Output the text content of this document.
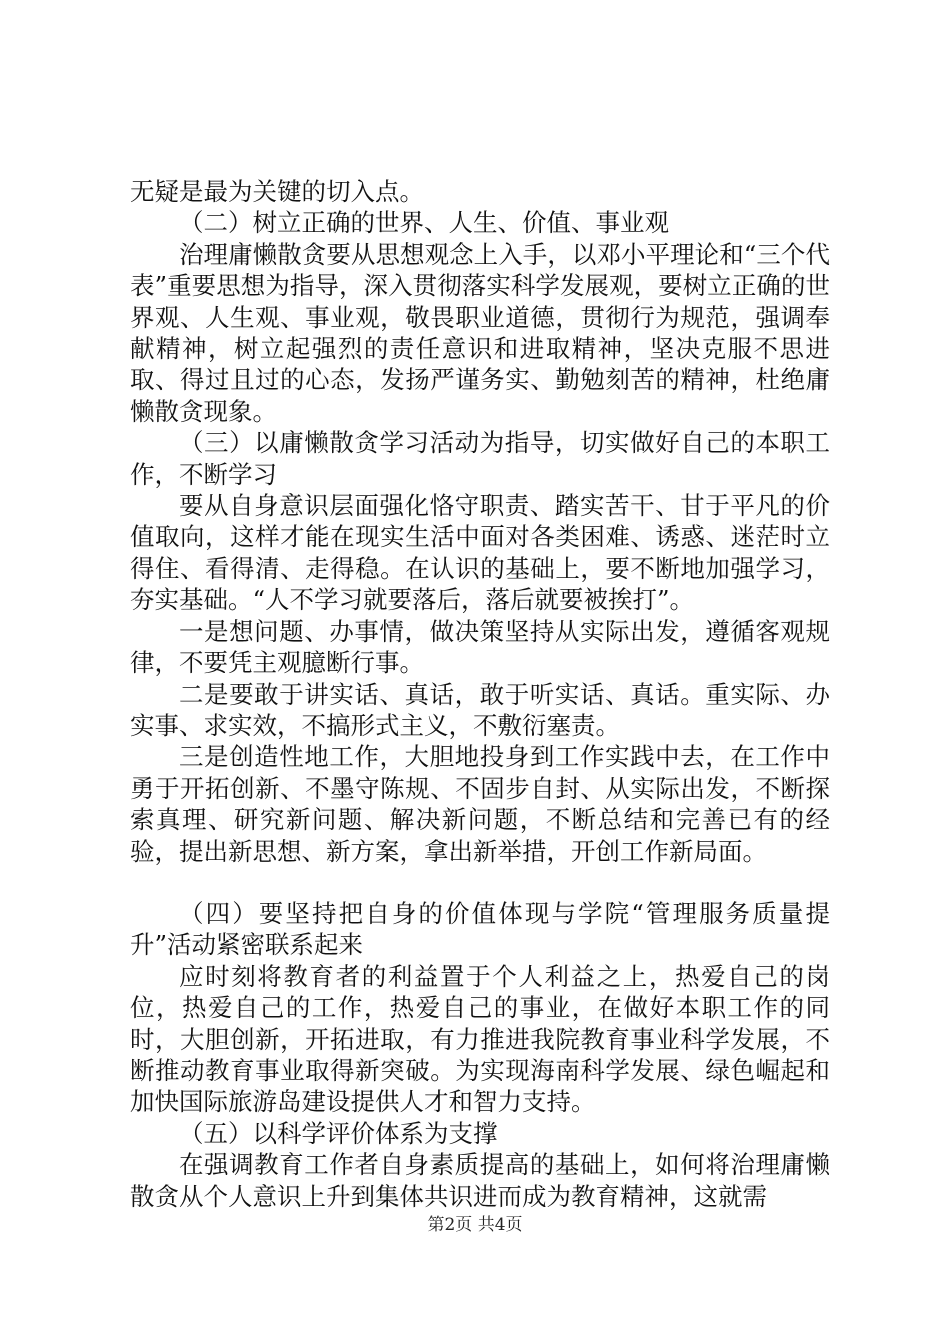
无疑是最为关键的切入点。

（二）树立正确的世界、人生、价值、事业观

治理庸懒散贪要从思想观念上入手，以邓小平理论和“三个代表”重要思想为指导，深入贯彻落实科学发展观，要树立正确的世界观、人生观、事业观，敬畏职业道德，贯彻行为规范，强调奉献精神，树立起强烈的责任意识和进取精神，坚决克服不思进取、得过且过的心态，发扬严谨务实、勤勉刻苦的精神，杜绝庸懒散贪现象。

（三）以庸懒散贪学习活动为指导，切实做好自己的本职工作，不断学习

要从自身意识层面强化恪守职责、踏实苦干、甘于平凡的价值取向，这样才能在现实生活中面对各类困难、诱惑、迷茫时立得住、看得清、走得稳。在认识的基础上，要不断地加强学习，夯实基础。“人不学习就要落后，落后就要被挨打”。

一是想问题、办事情，做决策坚持从实际出发，遵循客观规律，不要凭主观臆断行事。

二是要敢于讲实话、真话，敢于听实话、真话。重实际、办实事、求实效，不搞形式主义，不敷衍塞责。

三是创造性地工作，大胆地投身到工作实践中去，在工作中勇于开拓创新、不墨守陈规、不固步自封、从实际出发，不断探索真理、研究新问题、解决新问题，不断总结和完善已有的经验，提出新思想、新方案，拿出新举措，开创工作新局面。

（四）要坚持把自身的价值体现与学院“管理服务质量提升”活动紧密联系起来

应时刻将教育者的利益置于个人利益之上，热爱自己的岗位，热爱自己的工作，热爱自己的事业，在做好本职工作的同时，大胆创新，开拓进取，有力推进我院教育事业科学发展，不断推动教育事业取得新突破。为实现海南科学发展、绿色崛起和加快国际旅游岛建设提供人才和智力支持。

（五）以科学评价体系为支撑

在强调教育工作者自身素质提高的基础上，如何将治理庸懒散贪从个人意识上升到集体共识进而成为教育精神，这就需

第2页 共4页
